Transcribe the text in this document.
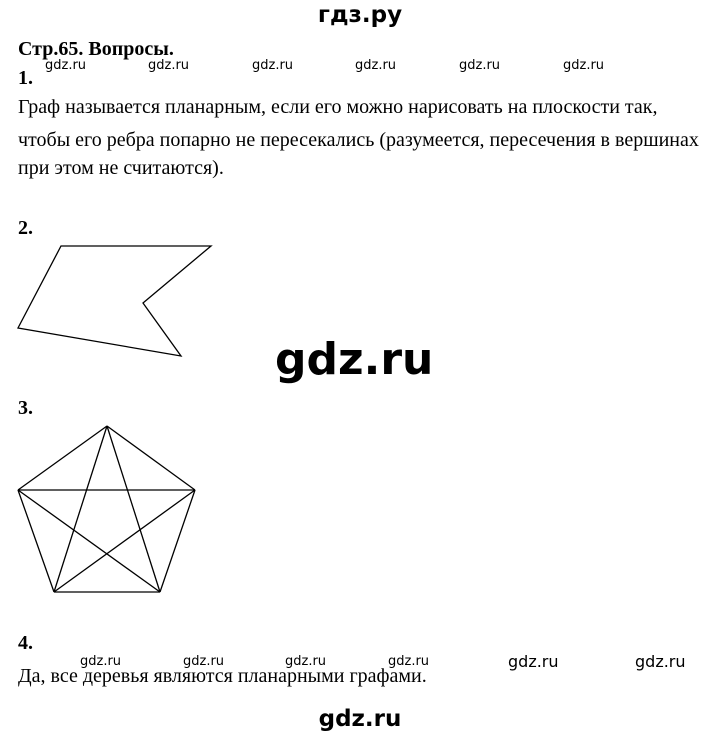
гдз.ру
Стр.65. Вопросы.
gdz.ru	gdz.ru	gdz.ru	gdz.ru	gdz.ru	gdz.ru
1.
Граф называется планарным, если его можно нарисовать на плоскости так,
чтобы его ребра попарно не пересекались (разумеется, пересечения в вершинах
при этом не считаются).
2.
gdz.ru
3.
4.
gdz.ru	gdz.ru	gdz.ru	gdz.ru	gdz.ru	gdz.ru
Да, все деревья являются планарными графами.
gdz.ru
